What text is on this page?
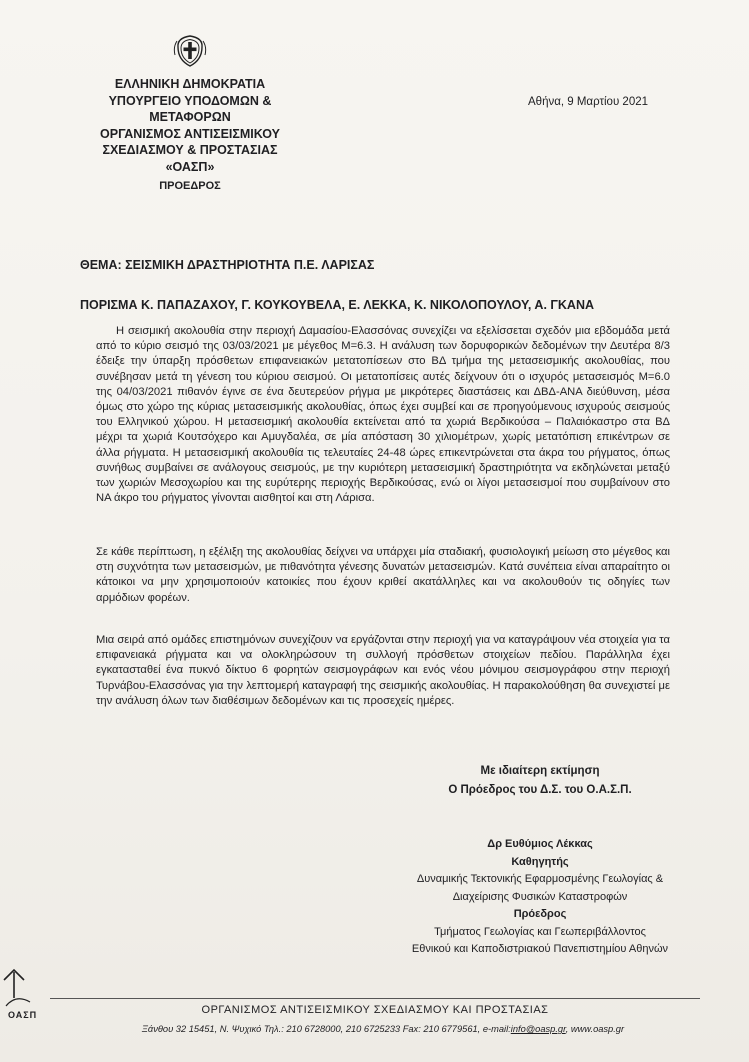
ΕΛΛΗΝΙΚΗ ΔΗΜΟΚΡΑΤΙΑ
ΥΠΟΥΡΓΕΙΟ ΥΠΟΔΟΜΩΝ &
ΜΕΤΑΦΟΡΩΝ
ΟΡΓΑΝΙΣΜΟΣ ΑΝΤΙΣΕΙΣΜΙΚΟΥ
ΣΧΕΔΙΑΣΜΟΥ & ΠΡΟΣΤΑΣΙΑΣ
«ΟΑΣΠ»
ΠΡΟΕΔΡΟΣ
Αθήνα, 9 Μαρτίου 2021
ΘΕΜΑ: ΣΕΙΣΜΙΚΗ ΔΡΑΣΤΗΡΙΟΤΗΤΑ Π.Ε. ΛΑΡΙΣΑΣ
ΠΟΡΙΣΜΑ Κ. ΠΑΠΑΖΑΧΟΥ, Γ. ΚΟΥΚΟΥΒΕΛΑ, Ε. ΛΕΚΚΑ, Κ. ΝΙΚΟΛΟΠΟΥΛΟΥ, Α. ΓΚΑΝΑ
Η σεισμική ακολουθία στην περιοχή Δαμασίου-Ελασσόνας συνεχίζει να εξελίσσεται σχεδόν μια εβδομάδα μετά από το κύριο σεισμό της 03/03/2021 με μέγεθος M=6.3. Η ανάλυση των δορυφορικών δεδομένων την Δευτέρα 8/3 έδειξε την ύπαρξη πρόσθετων επιφανειακών μετατοπίσεων στο ΒΔ τμήμα της μετασεισμικής ακολουθίας, που συνέβησαν μετά τη γένεση του κύριου σεισμού. Οι μετατοπίσεις αυτές δείχνουν ότι ο ισχυρός μετασεισμός M=6.0 της 04/03/2021 πιθανόν έγινε σε ένα δευτερεύον ρήγμα με μικρότερες διαστάσεις και ΔΒΔ-ΑΝΑ διεύθυνση, μέσα όμως στο χώρο της κύριας μετασεισμικής ακολουθίας, όπως έχει συμβεί και σε προηγούμενους ισχυρούς σεισμούς του Ελληνικού χώρου. Η μετασεισμική ακολουθία εκτείνεται από τα χωριά Βερδικούσα – Παλαιόκαστρο στα ΒΔ μέχρι τα χωριά Κουτσόχερο και Αμυγδαλέα, σε μία απόσταση 30 χιλιομέτρων, χωρίς μετατόπιση επικέντρων σε άλλα ρήγματα. Η μετασεισμική ακολουθία τις τελευταίες 24-48 ώρες επικεντρώνεται στα άκρα του ρήγματος, όπως συνήθως συμβαίνει σε ανάλογους σεισμούς, με την κυριότερη μετασεισμική δραστηριότητα να εκδηλώνεται μεταξύ των χωριών Μεσοχωρίου και της ευρύτερης περιοχής Βερδικούσας, ενώ οι λίγοι μετασεισμοί που συμβαίνουν στο ΝΑ άκρο του ρήγματος γίνονται αισθητοί και στη Λάρισα.
Σε κάθε περίπτωση, η εξέλιξη της ακολουθίας δείχνει να υπάρχει μία σταδιακή, φυσιολογική μείωση στο μέγεθος και στη συχνότητα των μετασεισμών, με πιθανότητα γένεσης δυνατών μετασεισμών. Κατά συνέπεια είναι απαραίτητο οι κάτοικοι να μην χρησιμοποιούν κατοικίες που έχουν κριθεί ακατάλληλες και να ακολουθούν τις οδηγίες των αρμόδιων φορέων.
Μια σειρά από ομάδες επιστημόνων συνεχίζουν να εργάζονται στην περιοχή για να καταγράψουν νέα στοιχεία για τα επιφανειακά ρήγματα και να ολοκληρώσουν τη συλλογή πρόσθετων στοιχείων πεδίου. Παράλληλα έχει εγκατασταθεί ένα πυκνό δίκτυο 6 φορητών σεισμογράφων και ενός νέου μόνιμου σεισμογράφου στην περιοχή Τυρνάβου-Ελασσόνας για την λεπτομερή καταγραφή της σεισμικής ακολουθίας. Η παρακολούθηση θα συνεχιστεί με την ανάλυση όλων των διαθέσιμων δεδομένων και τις προσεχείς ημέρες.
Με ιδιαίτερη εκτίμηση
Ο Πρόεδρος του Δ.Σ. του Ο.Α.Σ.Π.
Δρ Ευθύμιος Λέκκας
Καθηγητής
Δυναμικής Τεκτονικής Εφαρμοσμένης Γεωλογίας &
Διαχείρισης Φυσικών Καταστροφών
Πρόεδρος
Τμήματος Γεωλογίας και Γεωπεριβάλλοντος
Εθνικού και Καποδιστριακού Πανεπιστημίου Αθηνών
ΟΑΣΠ	ΟΡΓΑΝΙΣΜΟΣ ΑΝΤΙΣΕΙΣΜΙΚΟΥ ΣΧΕΔΙΑΣΜΟΥ ΚΑΙ ΠΡΟΣΤΑΣΙΑΣ
Ξάνθου 32 15451, Ν. Ψυχικό Τηλ.: 210 6728000, 210 6725233 Fax: 210 6779561, e-mail:info@oasp.gr, www.oasp.gr
